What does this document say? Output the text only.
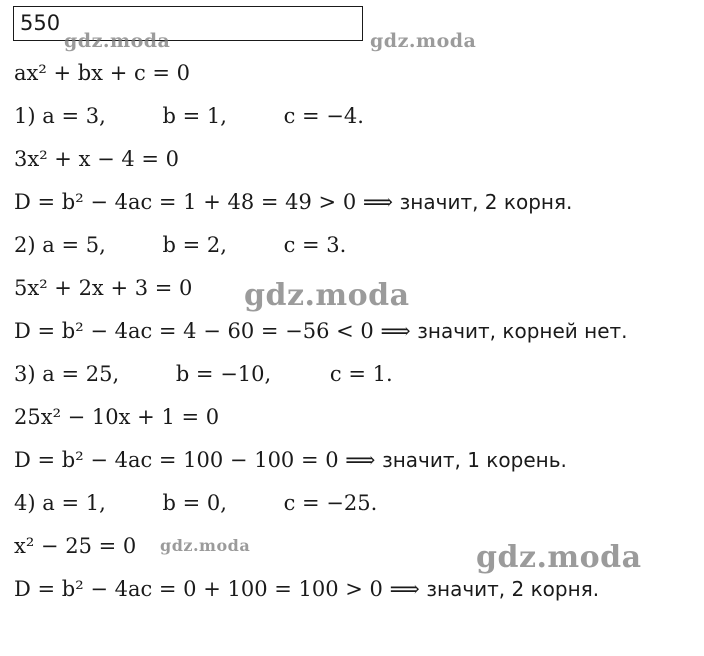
550
gdz.moda	gdz.moda
gdz.moda
gdz.moda	gdz.moda
ax² + bx + c = 0
1) a = 3,	b = 1,	c = −4.
3x² + x − 4 = 0
D = b² − 4ac = 1 + 48 = 49 > 0 ⟹ значит, 2 корня.
2) a = 5,	b = 2,	c = 3.
5x² + 2x + 3 = 0
D = b² − 4ac = 4 − 60 = −56 < 0 ⟹ значит, корней нет.
3) a = 25,	b = −10,	c = 1.
25x² − 10x + 1 = 0
D = b² − 4ac = 100 − 100 = 0 ⟹ значит, 1 корень.
4) a = 1,	b = 0,	c = −25.
x² − 25 = 0
D = b² − 4ac = 0 + 100 = 100 > 0 ⟹ значит, 2 корня.
